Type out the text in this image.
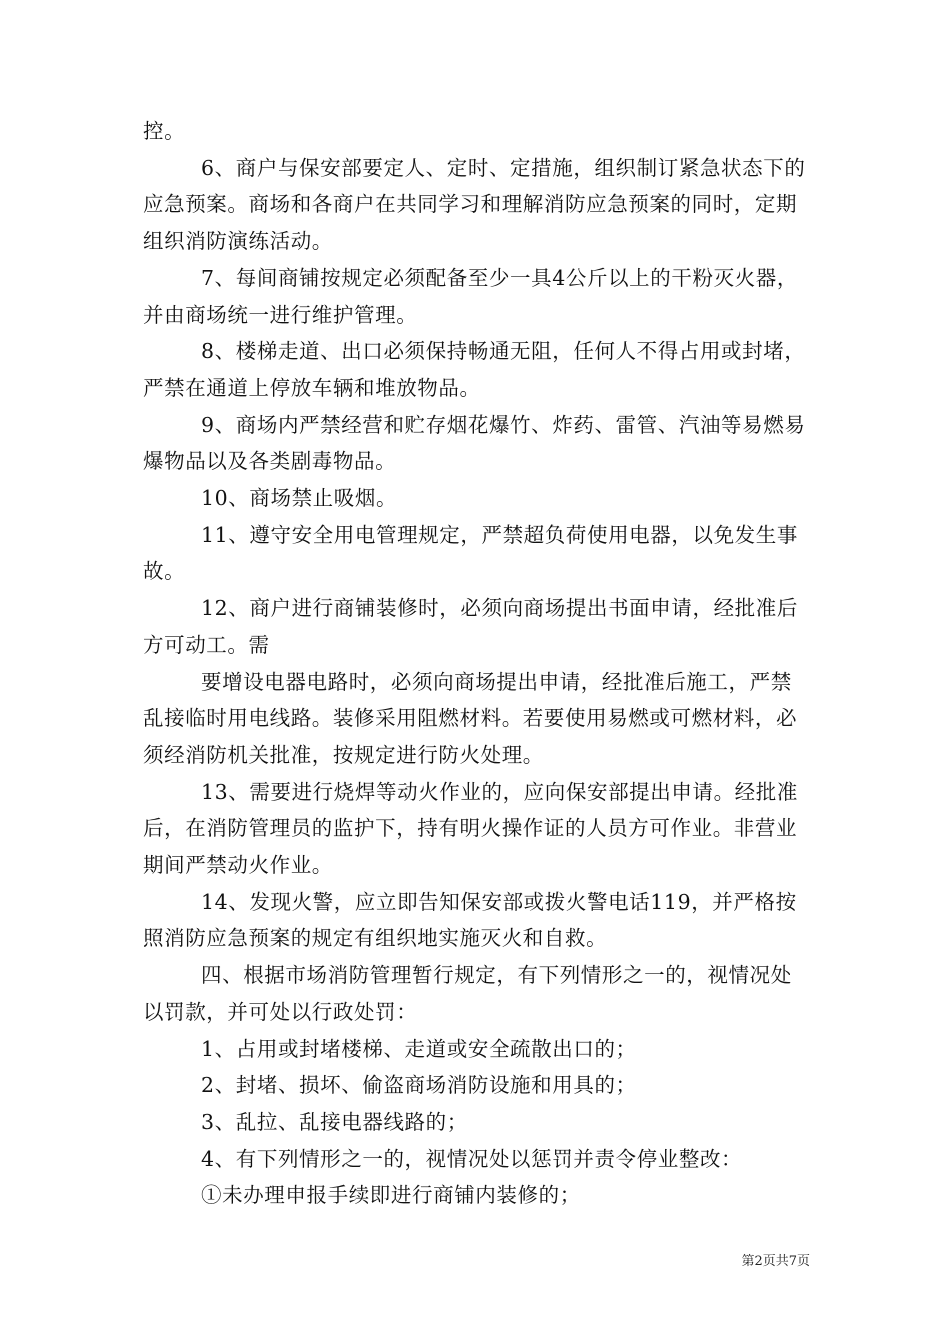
控。

6、商户与保安部要定人、定时、定措施，组织制订紧急状态下的应急预案。商场和各商户在共同学习和理解消防应急预案的同时，定期组织消防演练活动。

7、每间商铺按规定必须配备至少一具4公斤以上的干粉灭火器，并由商场统一进行维护管理。

8、楼梯走道、出口必须保持畅通无阻，任何人不得占用或封堵，严禁在通道上停放车辆和堆放物品。

9、商场内严禁经营和贮存烟花爆竹、炸药、雷管、汽油等易燃易爆物品以及各类剧毒物品。

10、商场禁止吸烟。

11、遵守安全用电管理规定，严禁超负荷使用电器，以免发生事故。

12、商户进行商铺装修时，必须向商场提出书面申请，经批准后方可动工。需

要增设电器电路时，必须向商场提出申请，经批准后施工，严禁乱接临时用电线路。装修采用阻燃材料。若要使用易燃或可燃材料，必须经消防机关批准，按规定进行防火处理。

13、需要进行烧焊等动火作业的，应向保安部提出申请。经批准后，在消防管理员的监护下，持有明火操作证的人员方可作业。非营业期间严禁动火作业。

14、发现火警，应立即告知保安部或拨火警电话119，并严格按照消防应急预案的规定有组织地实施灭火和自救。

四、根据市场消防管理暂行规定，有下列情形之一的，视情况处以罚款，并可处以行政处罚：

1、占用或封堵楼梯、走道或安全疏散出口的；

2、封堵、损坏、偷盗商场消防设施和用具的；

3、乱拉、乱接电器线路的；

4、有下列情形之一的，视情况处以惩罚并责令停业整改：

①未办理申报手续即进行商铺内装修的；

第2页共7页
